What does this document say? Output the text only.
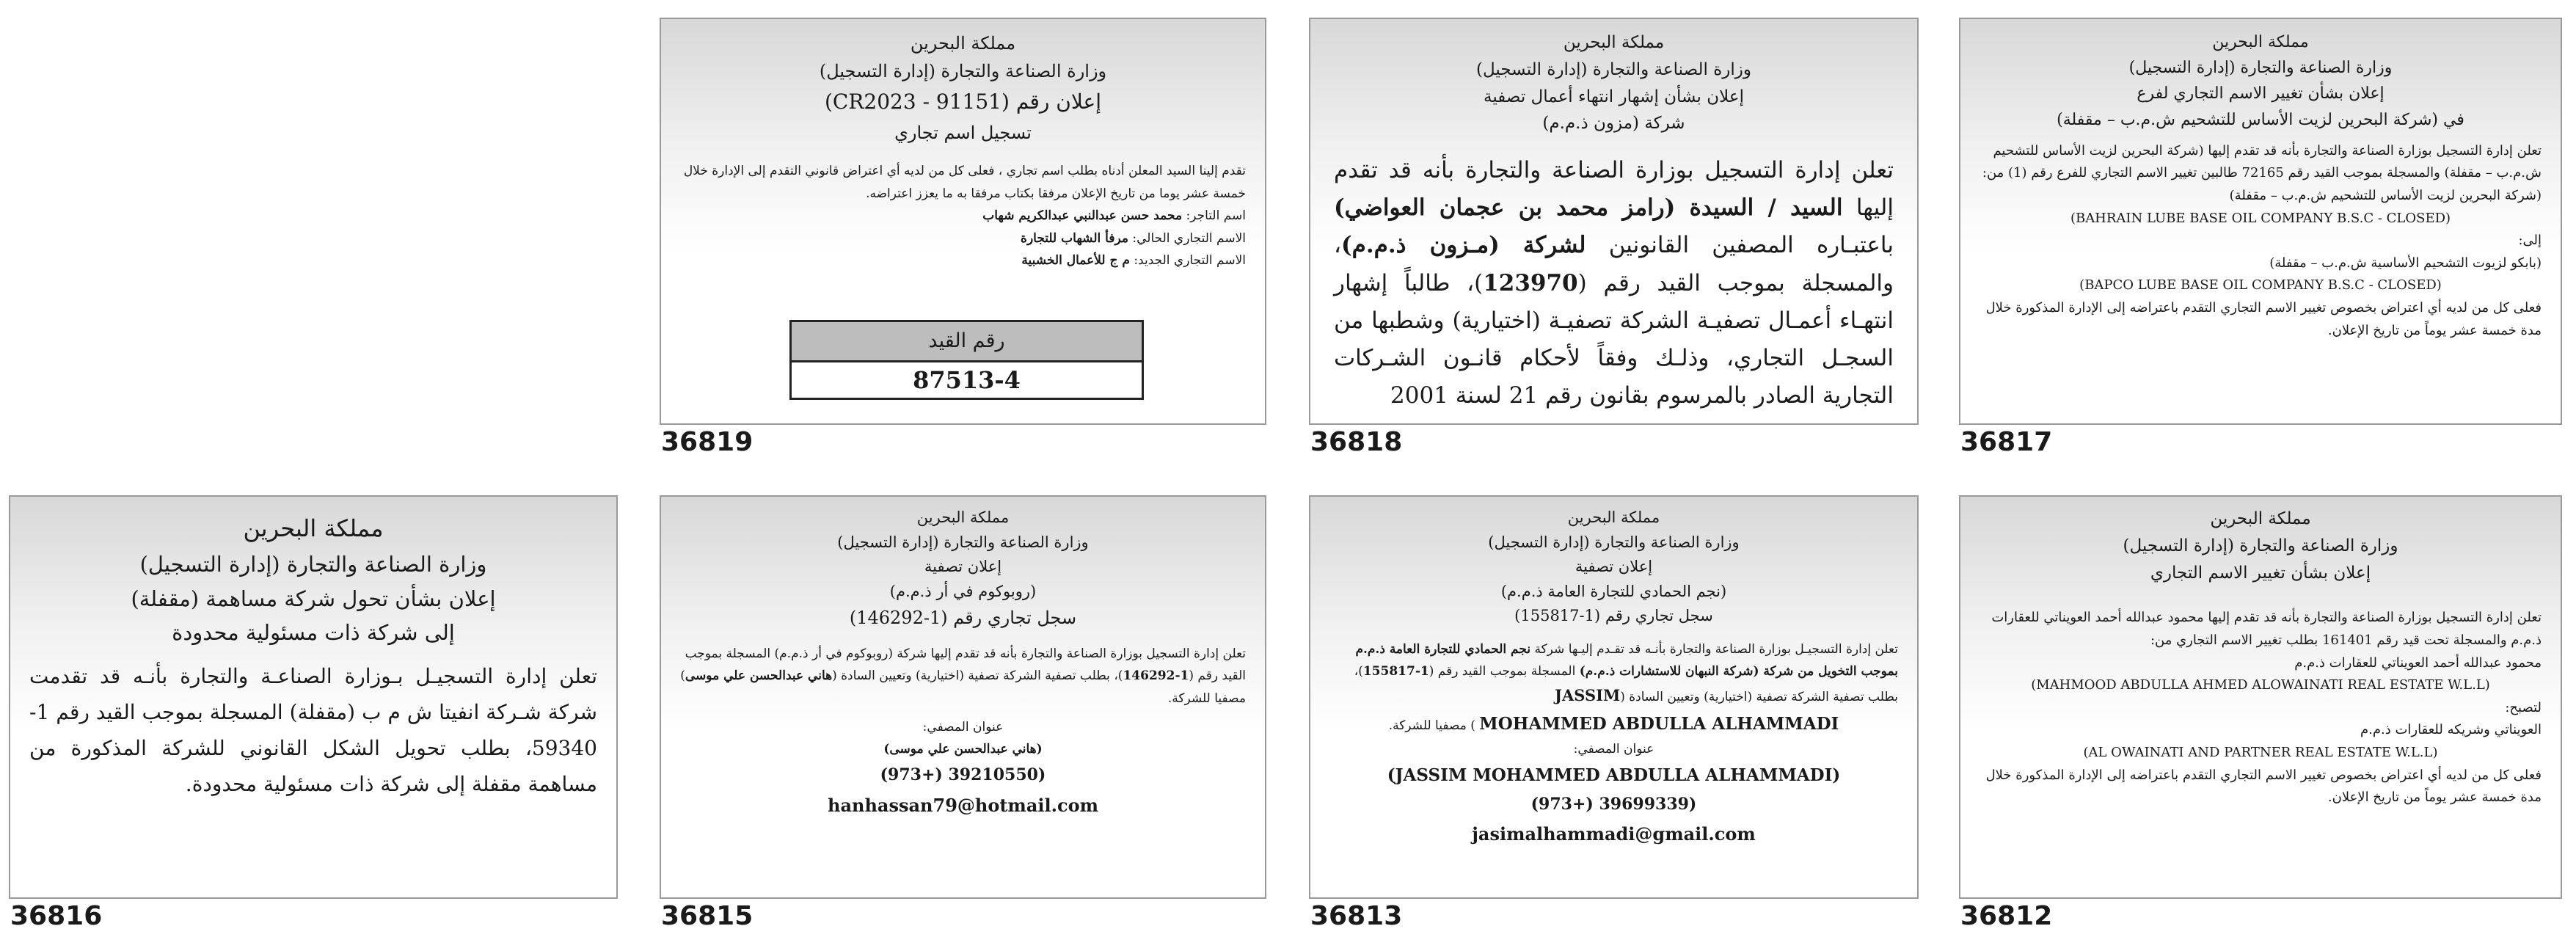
مملكة البحرين
وزارة الصناعة والتجارة (إدارة التسجيل)
إعلان بشأن تغيير الاسم التجاري لفرع
في (شركة البحرين لزيت الأساس للتشحيم ش.م.ب – مقفلة)

تعلن إدارة التسجيل بوزارة الصناعة والتجارة بأنه قد تقدم إليها (شركة البحرين لزيت الأساس للتشحيم ش.م.ب – مقفلة) والمسجلة بموجب القيد رقم 72165 طالبين تغيير الاسم التجاري للفرع رقم (1) من:

(شركة البحرين لزيت الأساس للتشحيم ش.م.ب – مقفلة)

(BAHRAIN LUBE BASE OIL COMPANY B.S.C - CLOSED)

إلى:

(بابكو لزيوت التشحيم الأساسية ش.م.ب – مقفلة)

(BAPCO LUBE BASE OIL COMPANY B.S.C - CLOSED)

فعلى كل من لديه أي اعتراض بخصوص تغيير الاسم التجاري التقدم باعتراضه إلى الإدارة المذكورة خلال مدة خمسة عشر يوماً من تاريخ الإعلان.

36817
مملكة البحرين
وزارة الصناعة والتجارة (إدارة التسجيل)
إعلان بشأن إشهار انتهاء أعمال تصفية
شركة (مزون ذ.م.م)
تعلن إدارة التسجيل بوزارة الصناعة والتجارة بأنه قد تقدم إليها السيد / السيدة (رامز محمد بن عجمان العواضي) باعتبـاره المصفين القانونين لشركة (مـزون ذ.م.م)، والمسجلة بموجب القيد رقم (123970)، طالباً إشهار انتهـاء أعمـال تصفيـة الشركة تصفيـة (اختيارية) وشطبها من السجـل التجاري، وذلـك وفقاً لأحكام قانـون الشـركات التجارية الصادر بالمرسوم بقانون رقم 21 لسنة 2001
36818
مملكة البحرين
وزارة الصناعة والتجارة (إدارة التسجيل)
إعلان رقم (91151 - CR2023)
تسجيل اسم تجاري

تقدم إلينا السيد المعلن أدناه بطلب اسم تجاري ، فعلى كل من لديه أي اعتراض قانوني التقدم إلى الإدارة خلال خمسة عشر يوما من تاريخ الإعلان مرفقا بكتاب مرفقا به ما يعزز اعتراضه.

اسم التاجر: محمد حسن عبدالنبي عبدالكريم شهاب

الاسم التجاري الحالي: مرفأ الشهاب للتجارة

الاسم التجاري الجديد: م ج للأعمال الخشبية

رقم القيد
87513-4
36819
مملكة البحرين
وزارة الصناعة والتجارة (إدارة التسجيل)
إعلان بشأن تغيير الاسم التجاري

تعلن إدارة التسجيل بوزارة الصناعة والتجارة بأنه قد تقدم إليها محمود عبدالله أحمد العويناتي للعقارات ذ.م.م والمسجلة تحت قيد رقم 161401 بطلب تغيير الاسم التجاري من:

محمود عبدالله أحمد العويناتي للعقارات ذ.م.م

(MAHMOOD ABDULLA AHMED ALOWAINATI REAL ESTATE W.L.L)

لتصبح:

العويناتي وشريكه للعقارات ذ.م.م

(AL OWAINATI AND PARTNER REAL ESTATE W.L.L)

فعلى كل من لديه أي اعتراض بخصوص تغيير الاسم التجاري التقدم باعتراضه إلى الإدارة المذكورة خلال مدة خمسة عشر يوماً من تاريخ الإعلان.

36812
مملكة البحرين
وزارة الصناعة والتجارة (إدارة التسجيل)
إعلان تصفية
(نجم الحمادي للتجارة العامة ذ.م.م)
سجل تجاري رقم (1-155817)

تعلن إدارة التسجيـل بوزارة الصناعة والتجارة بأنـه قد تقـدم إليـها شركة نجم الحمادي للتجارة العامة ذ.م.م بموجب التخويل من شركة (شركة النبهان للاستشارات ذ.م.م) المسجلة بموجب القيد رقم (1-155817)، بطلب تصفية الشركة تصفية (اختيارية) وتعيين السادة (JASSIM

MOHAMMED ABDULLA ALHAMMADI ) مصفيا للشركة.

عنوان المصفي:

(JASSIM MOHAMMED ABDULLA ALHAMMADI)
(973+) 39699339)
jasimalhammadi@gmail.com
36813
مملكة البحرين
وزارة الصناعة والتجارة (إدارة التسجيل)
إعلان تصفية
(روبوكوم في أر ذ.م.م)
سجل تجاري رقم (1-146292)

تعلن إدارة التسجيل بوزارة الصناعة والتجارة بأنه قد تقدم إليها شركة (روبوكوم في أر ذ.م.م) المسجلة بموجب القيد رقم (1-146292)، بطلب تصفية الشركة تصفية (اختيارية) وتعيين السادة (هاني عبدالحسن علي موسى) مصفيا للشركة.

عنوان المصفي:

(هاني عبدالحسن علي موسى)

(973+) 39210550)
hanhassan79@hotmail.com
36815
مملكة البحرين
وزارة الصناعة والتجارة (إدارة التسجيل)
إعلان بشأن تحول شركة مساهمة (مقفلة)
إلى شركة ذات مسئولية محدودة
تعلن إدارة التسجيـل بـوزارة الصناعـة والتجارة بأنـه قد تقدمت شركة شـركة انفيتا ش م ب (مقفلة) المسجلة بموجب القيد رقم 1-59340، بطلب تحويل الشكل القانوني للشركة المذكورة من مساهمة مقفلة إلى شركة ذات مسئولية محدودة.
36816
